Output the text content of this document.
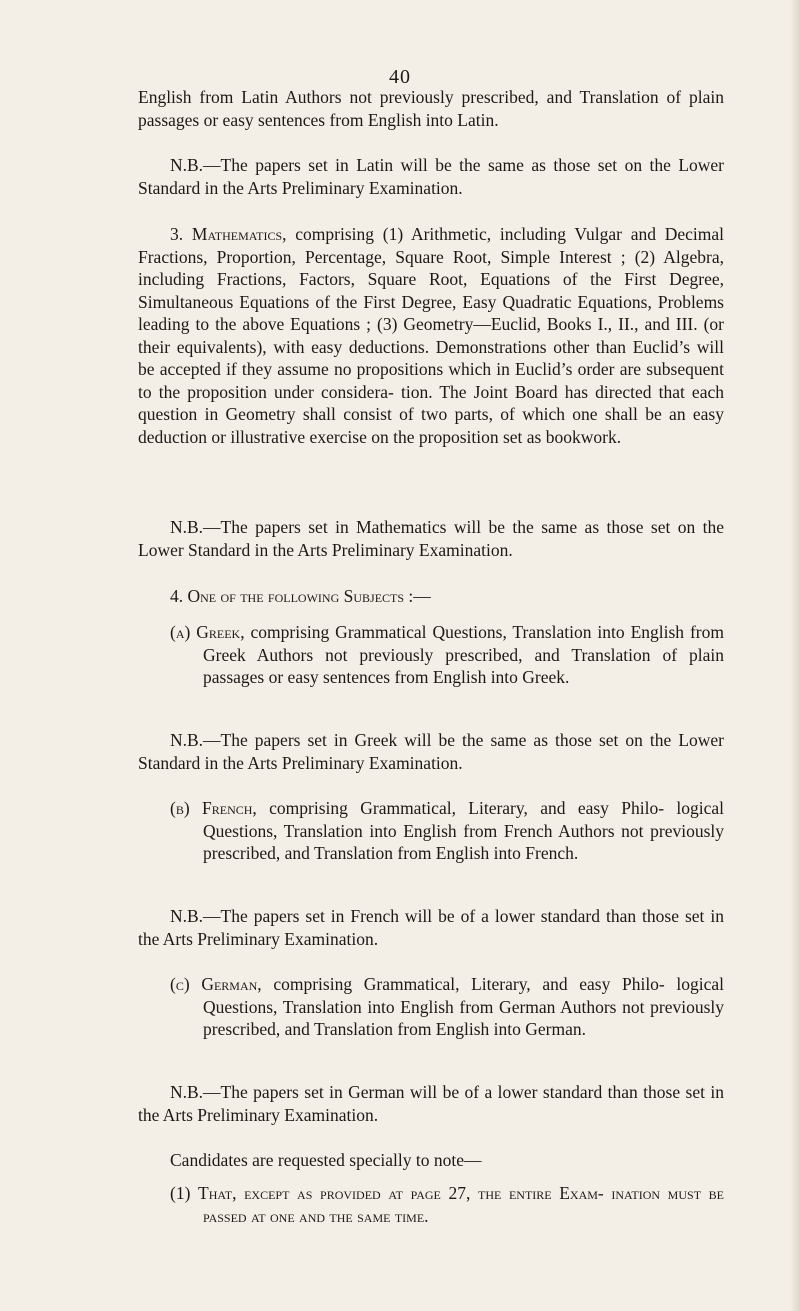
40

English from Latin Authors not previously prescribed, and Translation of plain passages or easy sentences from English into Latin.

N.B.—The papers set in Latin will be the same as those set on the Lower Standard in the Arts Preliminary Examination.

3. Mathematics, comprising (1) Arithmetic, including Vulgar and Decimal Fractions, Proportion, Percentage, Square Root, Simple Interest ; (2) Algebra, including Fractions, Factors, Square Root, Equations of the First Degree, Simultaneous Equations of the First Degree, Easy Quadratic Equations, Problems leading to the above Equations ; (3) Geometry—Euclid, Books I., II., and III. (or their equivalents), with easy deductions. Demonstrations other than Euclid’s will be accepted if they assume no propositions which in Euclid’s order are subsequent to the proposition under considera- tion. The Joint Board has directed that each question in Geometry shall consist of two parts, of which one shall be an easy deduction or illustrative exercise on the proposition set as bookwork.

N.B.—The papers set in Mathematics will be the same as those set on the Lower Standard in the Arts Preliminary Examination.

4. One of the following Subjects :—

(a) Greek, comprising Grammatical Questions, Translation into English from Greek Authors not previously prescribed, and Translation of plain passages or easy sentences from English into Greek.

N.B.—The papers set in Greek will be the same as those set on the Lower Standard in the Arts Preliminary Examination.

(b) French, comprising Grammatical, Literary, and easy Philo- logical Questions, Translation into English from French Authors not previously prescribed, and Translation from English into French.

N.B.—The papers set in French will be of a lower standard than those set in the Arts Preliminary Examination.

(c) German, comprising Grammatical, Literary, and easy Philo- logical Questions, Translation into English from German Authors not previously prescribed, and Translation from English into German.

N.B.—The papers set in German will be of a lower standard than those set in the Arts Preliminary Examination.

Candidates are requested specially to note—

(1) That, except as provided at page 27, the entire Exam- ination must be passed at one and the same time.
